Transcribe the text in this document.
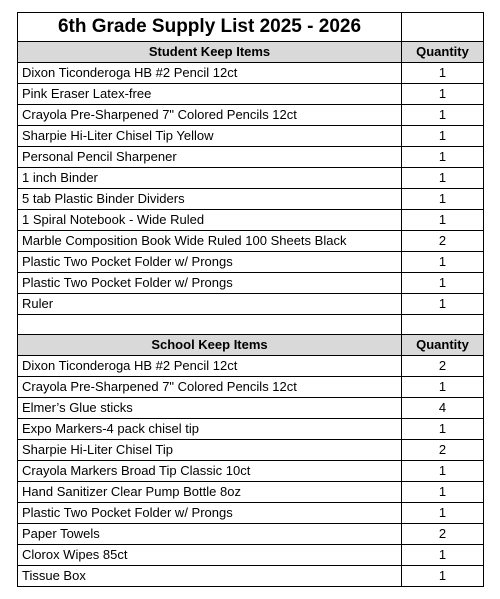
6th Grade Supply List 2025 - 2026	
Student Keep Items	Quantity
Dixon Ticonderoga HB #2 Pencil 12ct	1
Pink Eraser Latex-free	1
Crayola Pre-Sharpened 7" Colored Pencils 12ct	1
Sharpie Hi-Liter Chisel Tip Yellow	1
Personal Pencil Sharpener	1
1 inch Binder	1
5 tab Plastic Binder Dividers	1
1 Spiral Notebook - Wide Ruled	1
Marble Composition Book Wide Ruled 100 Sheets Black	2
Plastic Two Pocket Folder w/ Prongs	1
Plastic Two Pocket Folder w/ Prongs	1
Ruler	1

School Keep Items	Quantity
Dixon Ticonderoga HB #2 Pencil 12ct	2
Crayola Pre-Sharpened 7" Colored Pencils 12ct	1
Elmer’s Glue sticks	4
Expo Markers-4 pack chisel tip	1
Sharpie Hi-Liter Chisel Tip	2
Crayola Markers Broad Tip Classic 10ct	1
Hand Sanitizer Clear Pump Bottle 8oz	1
Plastic Two Pocket Folder w/ Prongs	1
Paper Towels	2
Clorox Wipes 85ct	1
Tissue Box	1
